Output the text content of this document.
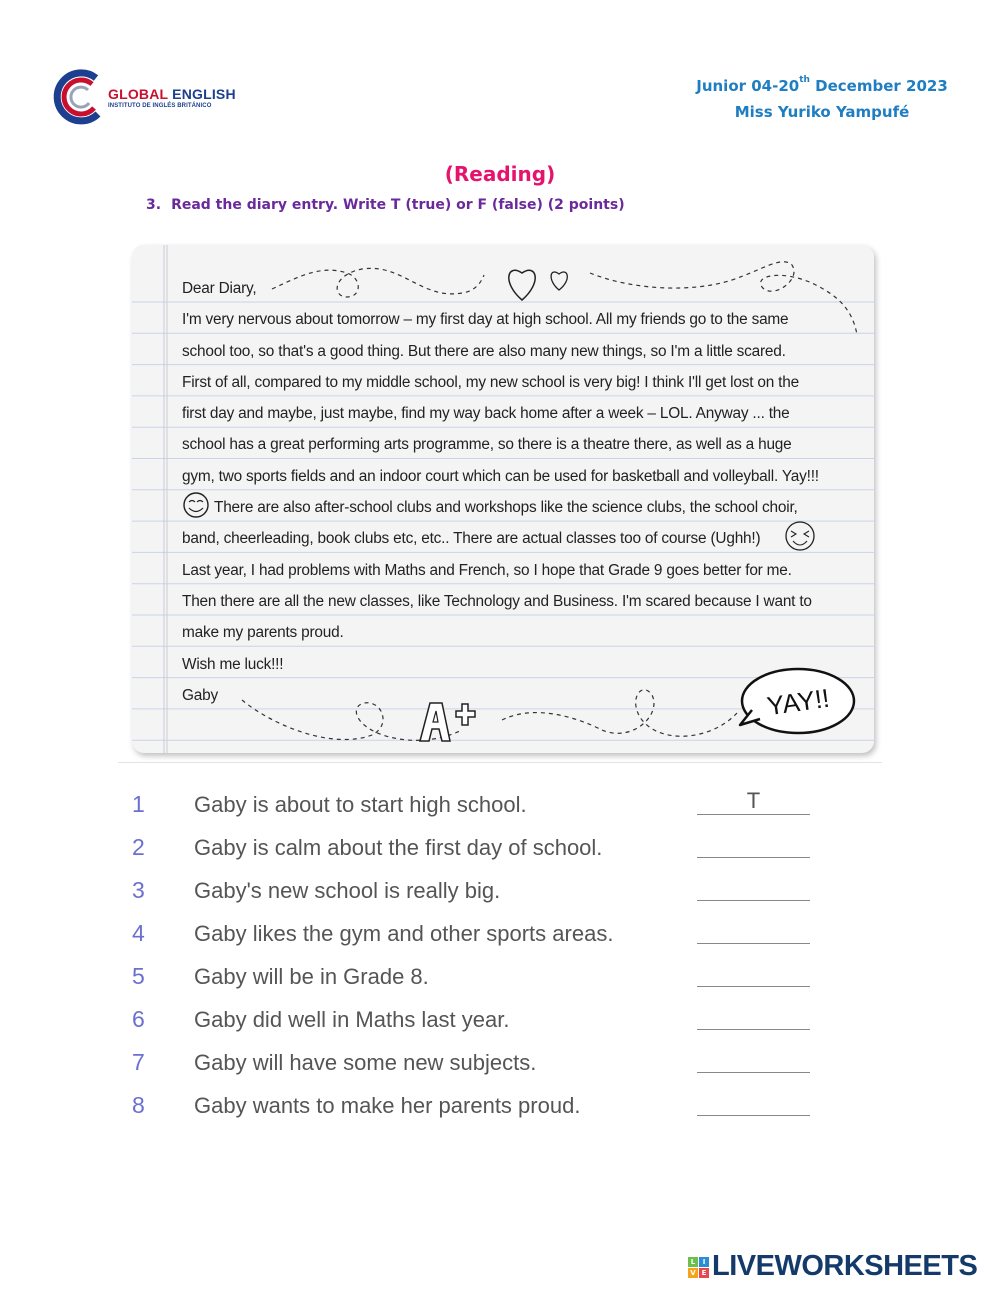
GLOBAL ENGLISH
INSTITUTO DE INGLÉS BRITÁNICO
Junior 04-20th December 2023
Miss Yuriko Yampufé
(Reading)
3. Read the diary entry. Write T (true) or F (false) (2 points)

Dear Diary,

I'm very nervous about tomorrow – my first day at high school. All my friends go to the same

school too, so that's a good thing. But there are also many new things, so I'm a little scared.

First of all, compared to my middle school, my new school is very big! I think I'll get lost on the

first day and maybe, just maybe, find my way back home after a week – LOL. Anyway ... the

school has a great performing arts programme, so there is a theatre there, as well as a huge

gym, two sports fields and an indoor court which can be used for basketball and volleyball. Yay!!!

There are also after-school clubs and workshops like the science clubs, the school choir,

band, cheerleading, book clubs etc, etc.. There are actual classes too of course (Ughh!)

Last year, I had problems with Maths and French, so I hope that Grade 9 goes better for me.

Then there are all the new classes, like Technology and Business. I'm scared because I want to

make my parents proud.

Wish me luck!!!

Gaby	A+	YAY!!
1 Gaby is about to start high school.	T
2 Gaby is calm about the first day of school.
3 Gaby's new school is really big.
4 Gaby likes the gym and other sports areas.
5 Gaby will be in Grade 8.
6 Gaby did well in Maths last year.
7 Gaby will have some new subjects.
8 Gaby wants to make her parents proud.
L	I
V E LIVEWORKSHEETS
